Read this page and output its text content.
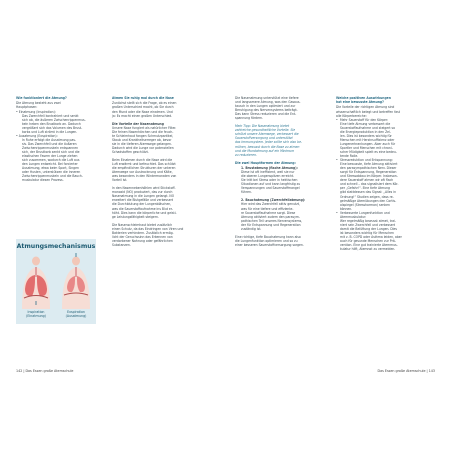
Wie funktioniert die Atmung?

Die Atmung besteht aus zwei

Hauptphasen:

• Einatmung (Inspiration):

Das Zwerchfell kontrahiert und senkt

sich ab, die äußeren Zwischenrippenmus-

keln heben den Brustkorb an. Dadurch

vergrößert sich das Volumen des Brust-

korbs und Luft strömt in die Lungen.

• Ausatmung (Exspiration):

In Ruhe erfolgt die Ausatmung pas-

siv. Das Zwerchfell und die äußeren

Zwischenrippenmuskeln entspannen

sich, der Brustkorb senkt sich und die

elastischen Fasern der Lunge ziehen

sich zusammen, wodurch die Luft aus

den Lungen entweicht. Bei forcierter

Ausatmung, etwa beim Sport, Singen

oder Husten, unterstützen die inneren

Zwischenrippenmuskeln und die Bauch-

muskulatur diesen Prozess.

Atmungsmechanismus
Inspiration
(Einatmung)
Exspiration
(Ausatmung)

Atmen Sie ruhig mal durch die Nase

Zunächst stellt sich die Frage, ob es einen

großen Unterschied macht, ob Sie durch

den Mund oder die Nase einatmen. Und

ja: Es macht einen großen Unterschied.

Die Vorteile der Nasenatmung

Unsere Nase fungiert als natürlicher Filter.

Die feinen Nasenhärchen und die feuch-

te Schleimhaut fangen Schmutzpartikel,

Staub und Krankheitserreger ab, bevor

sie in die tieferen Atemwege gelangen.

Dadurch wird die Lunge vor potenziellen

Schadstoffen geschützt.

Beim Einatmen durch die Nase wird die

Luft erwärmt und befeuchtet. Das schützt

die empfindlichen Strukturen der unteren

Atemwege vor Austrocknung und Kälte,

was besonders in den Wintermonaten von

Vorteil ist.

In den Nasennebenhöhlen wird Stickstoff-

monoxid (NO) produziert, das zur durch

Nasenatmung in die Lungen gelangt. NO

erweitert die Blutgefäße und verbessert

die Durchblutung der Lungenbläschen,

was die Sauerstoffaufnahme ins Blut er-

höht. Dies kann die körperliche und geisti-

ge Leistungsfähigkeit steigern.

Die Nasenschleimhaut bietet zusätzlich

einen Schutz, da das Eindringen von Viren und

Bakterien verhindern. Zusätzlich ermög-

licht der Geruchssinn das Erkennen von

verdorbener Nahrung oder gefährlichen

Substanzen.

Die Nasenatmung unterstützt eine tiefere

und langsamere Atmung, was den Gasaus-

tausch in den Lungen optimiert und zur

Beruhigung des Nervensystems beiträgt.

Das kann Stress reduzieren und die Ent-

spannung fördern.

Mein Tipp: Die Nasenatmung bietet

zahlreiche gesundheitliche Vorteile. Sie

schützt unsere Atemwege, verbessert die

Sauerstoffversorgung und unterstützt

das Immunsystem. Jeder sollte sich also be-

mühen, bewusst durch die Nase zu atmen

und die Mundatmung auf ein Minimum

zu reduzieren.

Die zwei Hauptformen der Atmung:

1. Brustatmung (flache Atmung):

Diese ist oft ineffizient, weil sie nur

die oberen Lungenspitzen erreicht.

Sie tritt bei Stress oder in hektischen

Situationen auf und kann langfristig zu

Verspannungen und Sauerstoffmangel

führen.

2. Bauchatmung (Zwerchfellatmung):

Hier wird das Zwerchfell aktiv genutzt,

was für eine tiefere und effiziente-

re Sauerstoffaufnahme sorgt. Diese

Atmung aktiviert zudem den parasym-

pathischen Teil unseres Nervensystems,

der für Entspannung und Regeneration

zuständig ist.

Eine richtige, tiefe Bauchatmung kann also

die Lungenfunktion optimieren und so zu

einer besseren Sauerstoffversorgung sorgen.

Welche positiven Auswirkungen

hat eine bewusste Atmung?

Die Vorteile der richtigen Atmung sind

wissenschaftlich belegt und betreffen fast

alle Körperbereiche:

• Mehr Sauerstoff für den Körper:

Eine tiefe Atmung verbessert die

Sauerstoffaufnahme und steigert so

die Energieproduktion in den Zel-

len. Dies ist besonders wichtig für

Menschen mit Herzinsuffizienz oder

Lungenerkrankungen. Aber auch für

Sportler und Menschen mit chroni-

scher Müdigkeit spielt es eine bedeu-

tende Rolle.

• Stressreduktion und Entspannung:

Eine bewusste, tiefe Atmung aktiviert

den parasympathischen Nerv. Dieser

sorgt für Entspannung, Regeneration

und Stressabbau im Körper. Insbeson-

dere Sauerstoff atmen wir oft flach

und schnell – das signalisiert dem Kör-

per „Gefahr!“. Eine tiefe Atmung

gibt stattdessen das Signal: „Alles in

Ordnung!“ Studien zeigen, dass re-

gelmäßige Atemübungen den Cortis-

olspiegel (Stresshormon) senken

können.

• Verbesserte Lungenfunktion und

Atemmuskulatur:

Wer regelmäßig bewusst atmet, trai-

niert sein Zwerchfell und verbessert

damit die Belüftung der Lungen. Dies

ist besonders wichtig für Menschen

mit z. B. COPD oder Asthma leiden, aber

auch für gesunde Menschen zur Prä-

vention. Eine gut trainierte Atemmus-

kulatur hilft, Atemnot zu vermeiden.

142 | Das Essen große Atemschule	Das Essen große Atemschule | 143
